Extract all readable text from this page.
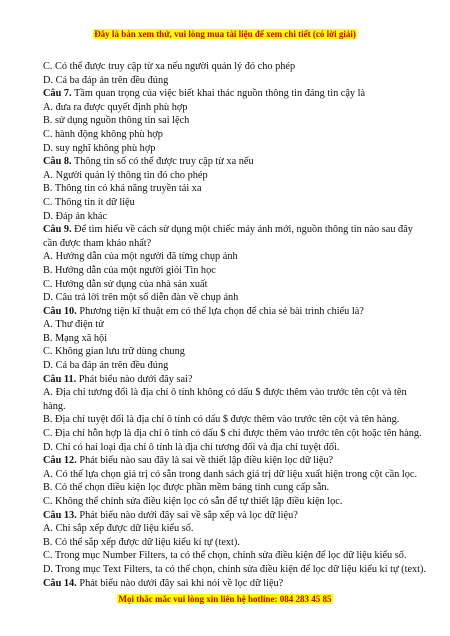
Đây là bản xem thử, vui lòng mua tài liệu để xem chi tiết (có lời giải)
C. Có thể được truy cập từ xa nếu người quản lý đó cho phép
D. Cả ba đáp án trên đều đúng
Câu 7. Tầm quan trọng của việc biết khai thác nguồn thông tin đáng tin cậy là
A. đưa ra được quyết định phù hợp
B. sử dụng nguồn thông tin sai lệch
C. hành động không phù hợp
D. suy nghĩ không phù hợp
Câu 8. Thông tin số có thể được truy cập từ xa nếu
A. Người quản lý thông tin đó cho phép
B. Thông tin có khả năng truyền tải xa
C. Thông tin ít dữ liệu
D. Đáp án khác
Câu 9. Để tìm hiểu về cách sử dụng một chiếc máy ảnh mới, nguồn thông tin nào sau đây cần được tham khảo nhất?
A. Hướng dẫn của một người đã từng chụp ảnh
B. Hướng dẫn của một người giỏi Tin học
C. Hướng dẫn sử dụng của nhà sản xuất
D. Câu trả lời trên một số diễn đàn về chụp ảnh
Câu 10. Phương tiện kĩ thuật em có thể lựa chọn để chia sẻ bài trình chiếu là?
A. Thư điện tử
B. Mạng xã hội
C. Không gian lưu trữ dùng chung
D. Cả ba đáp án trên đều đúng
Câu 11. Phát biểu nào dưới đây sai?
A. Địa chỉ tương đối là địa chỉ ô tính không có dấu $ được thêm vào trước tên cột và tên hàng.
B. Địa chỉ tuyệt đối là địa chỉ ô tính có dấu $ được thêm vào trước tên cột và tên hàng.
C. Địa chỉ hỗn hợp là địa chỉ ô tính có dấu $ chỉ được thêm vào trước tên cột hoặc tên hàng.
D. Chỉ có hai loại địa chỉ ô tính là địa chỉ tương đối và địa chỉ tuyệt đối.
Câu 12. Phát biểu nào sau đây là sai về thiết lập điều kiện lọc dữ liệu?
A. Có thể lựa chọn giá trị có sẵn trong danh sách giá trị dữ liệu xuất hiện trong cột cần lọc.
B. Có thể chọn điều kiện lọc được phần mềm bảng tính cung cấp sẵn.
C. Không thể chỉnh sửa điều kiện lọc có sẵn để tự thiết lập điều kiện lọc.
Câu 13. Phát biểu nào dưới đây sai về sắp xếp và lọc dữ liệu?
A. Chỉ sắp xếp được dữ liệu kiểu số.
B. Có thể sắp xếp được dữ liệu kiểu kí tự (text).
C. Trong mục Number Filters, ta có thể chọn, chỉnh sửa điều kiện để lọc dữ liệu kiểu số.
D. Trong mục Text Filters, ta có thể chọn, chỉnh sửa điều kiện để lọc dữ liệu kiểu kí tự (text).
Câu 14. Phát biểu nào dưới đây sai khi nói về lọc dữ liệu?
Mọi thắc mắc vui lòng xin liên hệ hotline: 084 283 45 85
